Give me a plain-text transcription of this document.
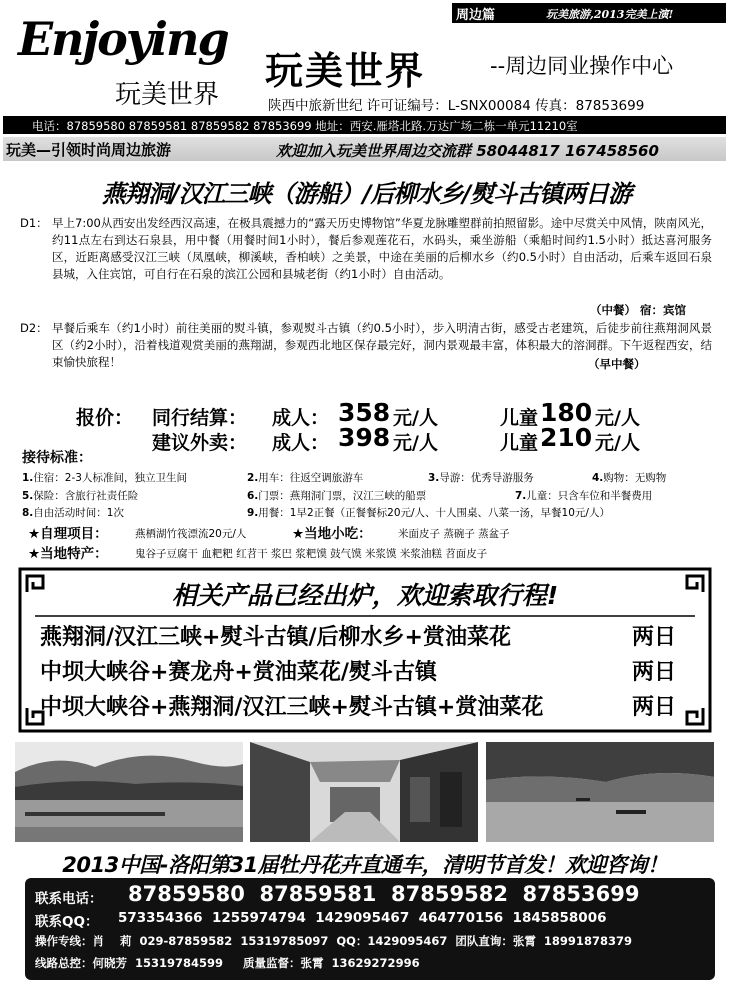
周边篇	玩美旅游,2013完美上演!
Enjoying
玩美世界
玩美世界	--周边同业操作中心
陕西中旅新世纪 许可证编号：L-SNX00084 传真：87853699
电话：87859580 87859581 87859582 87853699 地址：西安.雁塔北路.万达广场二栋一单元11210室
玩美—引领时尚周边旅游	欢迎加入玩美世界周边交流群 58044817 167458560
燕翔洞/汉江三峡（游船）/后柳水乡/熨斗古镇两日游
D1： 早上7:00从西安出发经西汉高速，在极具震撼力的“露天历史博物馆”华夏龙脉雕塑群前拍照留影。途中尽赏关中风情，陕南风光，约11点左右到达石泉县，用中餐（用餐时间1小时），餐后参观莲花石，水码头，乘坐游船（乘船时间约1.5小时）抵达喜河服务区，近距离感受汉江三峡（凤凰峡，柳溪峡，香柏峡）之美景，中途在美丽的后柳水乡（约0.5小时）自由活动，后乘车返回石泉县城，入住宾馆，可自行在石泉的滨江公园和县城老街（约1小时）自由活动。
（中餐） 宿：宾馆
D2： 早餐后乘车（约1小时）前往美丽的熨斗镇，参观熨斗古镇（约0.5小时），步入明清古街，感受古老建筑，后徒步前往燕翔洞风景区（约2小时），沿着栈道观赏美丽的燕翔湖，参观西北地区保存最完好，洞内景观最丰富，体积最大的溶洞群。下午返程西安，结束愉快旅程！	（早中餐）
报价： 同行结算： 成人： 358 元/人	儿童 180 元/人
建议外卖： 成人： 398 元/人	儿童 210 元/人
接待标准：
1.住宿：2-3人标准间，独立卫生间	2.用车：往返空调旅游车	3.导游：优秀导游服务	4.购物：无购物
5.保险：含旅行社责任险	6.门票：燕翔洞门票，汉江三峡的船票	7.儿童：只含车位和半餐费用
8.自由活动时间：1次	9.用餐：1早2正餐（正餐餐标20元/人、十人围桌、八菜一汤，早餐10元/人）
★自理项目：	燕栖湖竹筏漂流20元/人	★当地小吃：	米面皮子 蒸碗子 蒸盆子
★当地特产：	鬼谷子豆腐干 血粑粑 红苕干 浆巴 浆粑馍 鼓气馍 米浆馍 米浆油糕 苕面皮子
相关产品已经出炉，欢迎索取行程!
燕翔洞/汉江三峡+熨斗古镇/后柳水乡+赏油菜花	两日
中坝大峡谷+赛龙舟+赏油菜花/熨斗古镇	两日
中坝大峡谷+燕翔洞/汉江三峡+熨斗古镇+赏油菜花	两日
2013中国-洛阳第31届牡丹花卉直通车，清明节首发！欢迎咨询！
联系电话： 87859580  87859581  87859582  87853699
联系QQ： 573354366  1255974794  1429095467  464770156  1845858006
操作专线：肖    莉  029-87859582  15319785097  QQ：1429095467  团队直询：张霄  18991878379
线路总控：何晓芳  15319784599     质量监督：张霄  13629272996
